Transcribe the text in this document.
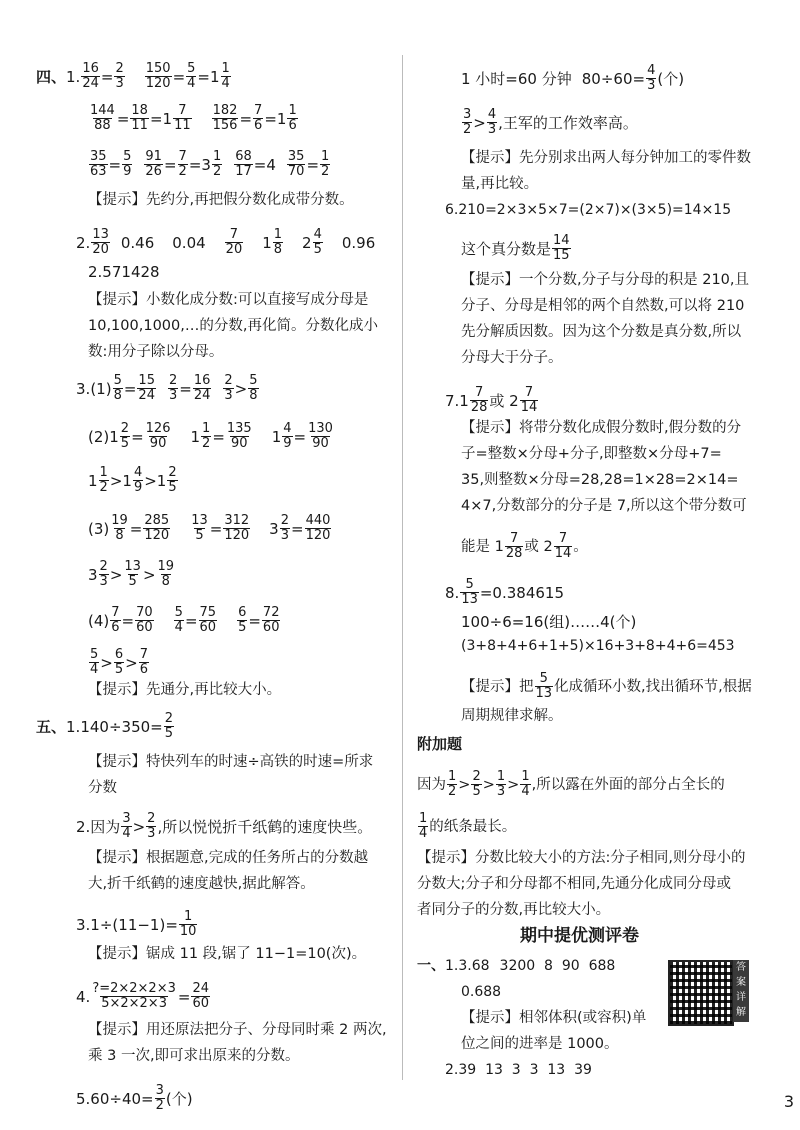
四、 1. $\frac{16}{24} = \frac{2}{3} \frac{150}{120} = \frac{5}{4} =1 \frac{1}{4}$
$\frac{144}{88} = \frac{18}{11} =1 \frac{7}{11} \frac{182}{156} = \frac{7}{6} =1 \frac{1}{6}$
$\frac{35}{63} = \frac{5}{9} \frac{91}{26} = \frac{7}{2} =3 \frac{1}{2} \frac{68}{17} =4 \frac{35}{70} = \frac{1}{2}$
【提示】 先约分,再把假分数化成带分数。
2. $\frac{13}{20} 0.46$ $0.04 \frac{7}{20} 1 \frac{1}{8} 2 \frac{4}{5} 0.96$
2.571428
【提示】 小数化成分数:可以直接写成分母是
10,100,1000,…的分数,再化简。分数化成小
数:用分子除以分母。
3. $(1) \frac{5}{8} = \frac{15}{24} \frac{2}{3} = \frac{16}{24} \frac{2}{3} > \frac{5}{8}$
(2) $1 \frac{2}{5} = \frac{126}{90} 1 \frac{1}{2} = \frac{135}{90} 1 \frac{4}{9} = \frac{130}{90}$
$1 \frac{1}{2} >1 \frac{4}{9} >1 \frac{2}{5}$
$(3) \frac{19}{8} = \frac{285}{120} \frac{13}{5} = \frac{312}{120} 3 \frac{2}{3} = \frac{440}{120}$
$3 \frac{2}{3} > \frac{13}{5} > \frac{19}{8}$
$(4) \frac{7}{6} = \frac{70}{60} \frac{5}{4} = \frac{75}{60} \frac{6}{5} = \frac{72}{60}$
$\frac{5}{4} > \frac{6}{5} > \frac{7}{6}$
【提示】 先通分,再比较大小。
五、 $1.140\div 350= \frac{2}{5}$
【提示】 特快列车的时速÷高铁的时速=所求
分数
2.因为 $\frac{3}{4} > \frac{2}{3}$ ,所以悦悦折千纸鹤的速度快些。
【提示】 根据题意,完成的任务所占的分数越
大,折千纸鹤的速度越快,据此解答。
$3.1\div(11-1)= \frac{1}{10}$
【提示】 锯成 11 段,锯了 11−1=10(次)。
4. $\frac{?=2\times 2\times 2\times 3}{5\times 2\times 2\times 3} = \frac{24}{60}$
【提示】 用还原法把分子、分母同时乘 2 两次,
乘 3 一次,即可求出原来的分数。
$5.60\div 40= \frac{3}{2}$ (个)
1 小时=60 分钟 $80\div 60= \frac{4}{3}$ (个)
$\frac{3}{2} > \frac{4}{3}$ ,王军的工作效率高。
【提示】 先分别求出两人每分钟加工的零件数
量,再比较。
6.210=2×3×5×7=(2×7)×(3×5)=14×15
这个真分数是 $\frac{14}{15}$
【提示】 一个分数,分子与分母的积是 210,且
分子、分母是相邻的两个自然数,可以将 210
先分解质因数。因为这个分数是真分数,所以
分母大于分子。
$7.1 \frac{7}{28}$ 或 $2 \frac{7}{14}$
【提示】 将带分数化成假分数时,假分数的分
子=整数×分母+分子,即整数×分母+7=
35,则整数×分母=28,28=1×28=2×14=
4×7,分数部分的分子是 7,所以这个带分数可
能是 $1 \frac{7}{28}$ 或 $2 \frac{7}{14}$ 。
8. $\frac{5}{13} =0.384615$
100÷6=16(组)……4(个)
(3+8+4+6+1+5)×16+3+8+4+6=453
【提示】 把 $\frac{5}{13}$ 化成循环小数,找出循环节,根据
周期规律求解。
附加题
因为 $\frac{1}{2} > \frac{2}{5} > \frac{1}{3} > \frac{1}{4}$ ,所以露在外面的部分占全长的
$\frac{1}{4}$ 的纸条最长。
【提示】 分数比较大小的方法:分子相同,则分母小的
分数大;分子和分母都不相同,先通分化成同分母或
者同分子的分数,再比较大小。
期中提优测评卷
一、 1.3.68 3200  8  90  688
0.688
【提示】 相邻体积(或容积)单
位之间的进率是 1000。
2.39  13  3  3  13  39
答案详解
3
